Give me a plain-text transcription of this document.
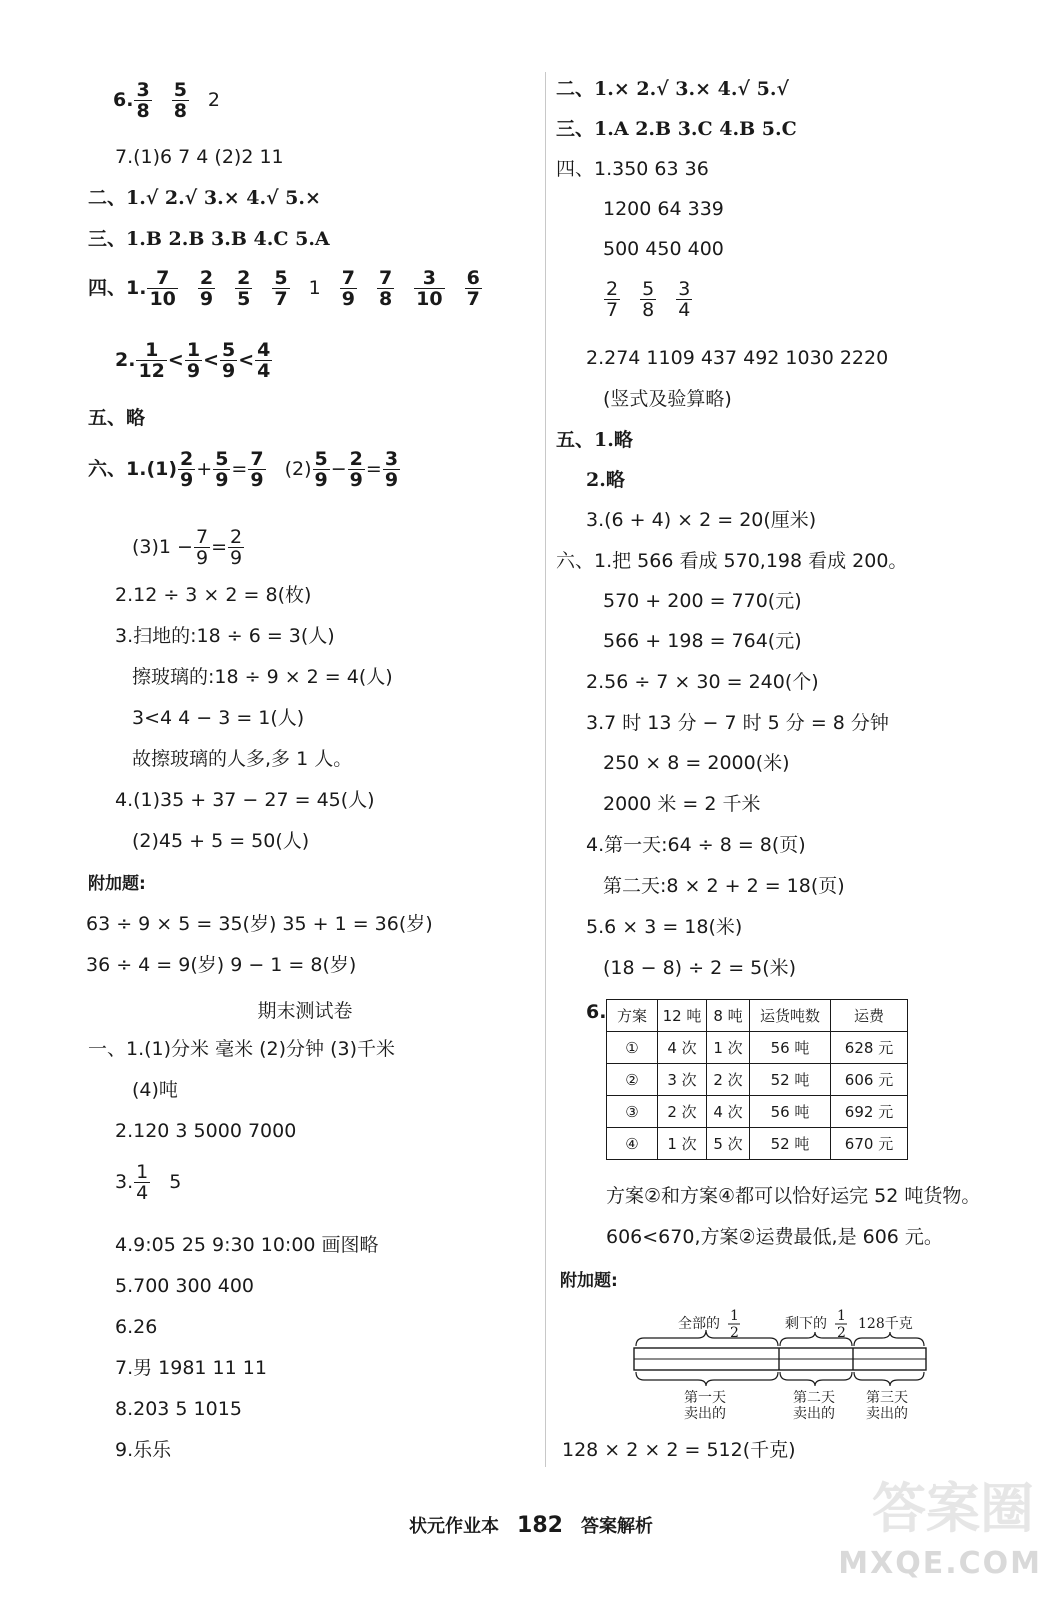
6. $\frac{3}{8} \frac{5}{8} 2$
7.(1)6 7 4 (2)2 11
二、1.√ 2.√ 3.× 4.√ 5.×
三、1.B 2.B 3.B 4.C 5.A
四、1. $\frac{7}{10} \frac{2}{9} \frac{2}{5} \frac{5}{7} 1 \frac{7}{9} \frac{7}{8} \frac{3}{10} \frac{6}{7}$
2. $\frac{1}{12} < \frac{1}{9} < \frac{5}{9} < \frac{4}{4}$
五、略
六、$1.(1) \frac{2}{9} + \frac{5}{9} = \frac{7}{9} (2) \frac{5}{9} - \frac{2}{9} = \frac{3}{9}$
$(3)1 - \frac{7}{9} = \frac{2}{9}$
2.12 ÷ 3 × 2 = 8(枚)
3.扫地的:18 ÷ 6 = 3(人)
擦玻璃的:18 ÷ 9 × 2 = 4(人)
3<4 4 − 3 = 1(人)
故擦玻璃的人多,多 1 人。
4.(1)35 + 37 − 27 = 45(人)
(2)45 + 5 = 50(人)
附加题:
63 ÷ 9 × 5 = 35(岁) 35 + 1 = 36(岁)
36 ÷ 4 = 9(岁) 9 − 1 = 8(岁)
期末测试卷
一、1.(1)分米 毫米 (2)分钟 (3)千米
(4)吨
2.120 3 5000 7000
3. $\frac{1}{4} 5$
4.9:05 25 9:30 10:00 画图略
5.700 300 400
6.26
7.男 1981 11 11
8.203 5 1015
9.乐乐
二、1.× 2.√ 3.× 4.√ 5.√
三、1.A 2.B 3.C 4.B 5.C
四、1.350 63 36
1200 64 339
500 450 400
$\frac{2}{7} \frac{5}{8} \frac{3}{4}$
2.274 1109 437 492 1030 2220
(竖式及验算略)
五、1.略
2.略
3.(6 + 4) × 2 = 20(厘米)
六、1.把 566 看成 570,198 看成 200。
570 + 200 = 770(元)
566 + 198 = 764(元)
2.56 ÷ 7 × 30 = 240(个)
3.7 时 13 分 − 7 时 5 分 = 8 分钟
250 × 8 = 2000(米)
2000 米 = 2 千米
4.第一天:64 ÷ 8 = 8(页)
第二天:8 × 2 + 2 = 18(页)
5.6 × 3 = 18(米)
(18 − 8) ÷ 2 = 5(米)
6. 方案	12 吨	8 吨	运货吨数	运费
①	4 次	1 次	56 吨	628 元
②	3 次	2 次	52 吨	606 元
③	2 次	4 次	56 吨	692 元
④	1 次	5 次	52 吨	670 元
方案②和方案④都可以恰好运完 52 吨货物。
606<670,方案②运费最低,是 606 元。
附加题:
全部的 1
2
剩下的 1
2
128千克
第一天
卖出的
第二天
卖出的
第三天
卖出的
128 × 2 × 2 = 512(千克)
状元作业本 182 答案解析	答案圈
MXQE.COM
